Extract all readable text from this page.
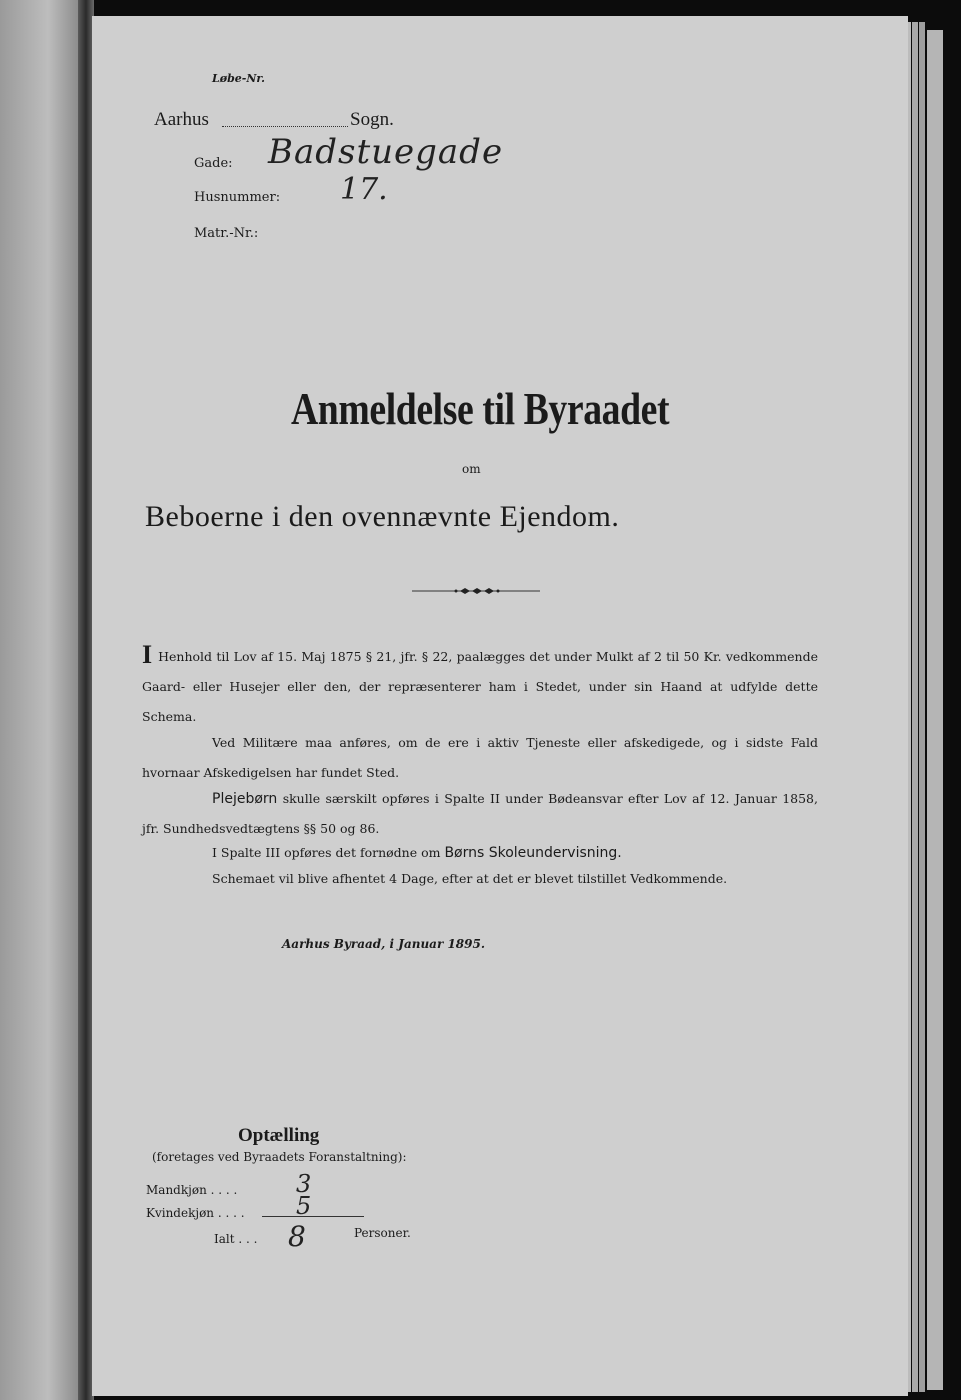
Løbe-Nr.
Aarhus	Sogn.
Gade: Badstuegade
Husnummer: 17.
Matr.-Nr.:
Anmeldelse til Byraadet
om
Beboerne i den ovennævnte Ejendom.
I Henhold til Lov af 15. Maj 1875 § 21, jfr. § 22, paalægges det under Mulkt af 2 til 50 Kr. vedkommende Gaard- eller Husejer eller den, der repræsenterer ham i Stedet, under sin Haand at udfylde dette Schema.
Ved Militære maa anføres, om de ere i aktiv Tjeneste eller afskedigede, og i sidste Fald hvornaar Afskedigelsen har fundet Sted.
Plejebørn skulle særskilt opføres i Spalte II under Bødeansvar efter Lov af 12. Januar 1858, jfr. Sundhedsvedtægtens §§ 50 og 86.
I Spalte III opføres det fornødne om Børns Skoleundervisning.
Schemaet vil blive afhentet 4 Dage, efter at det er blevet tilstillet Vedkommende.
Aarhus Byraad, i Januar 1895.
Optælling
(foretages ved Byraadets Foranstaltning):
Mandkjøn . . . . 3
Kvindekjøn . . . . 5
Ialt . . . 8	Personer.
